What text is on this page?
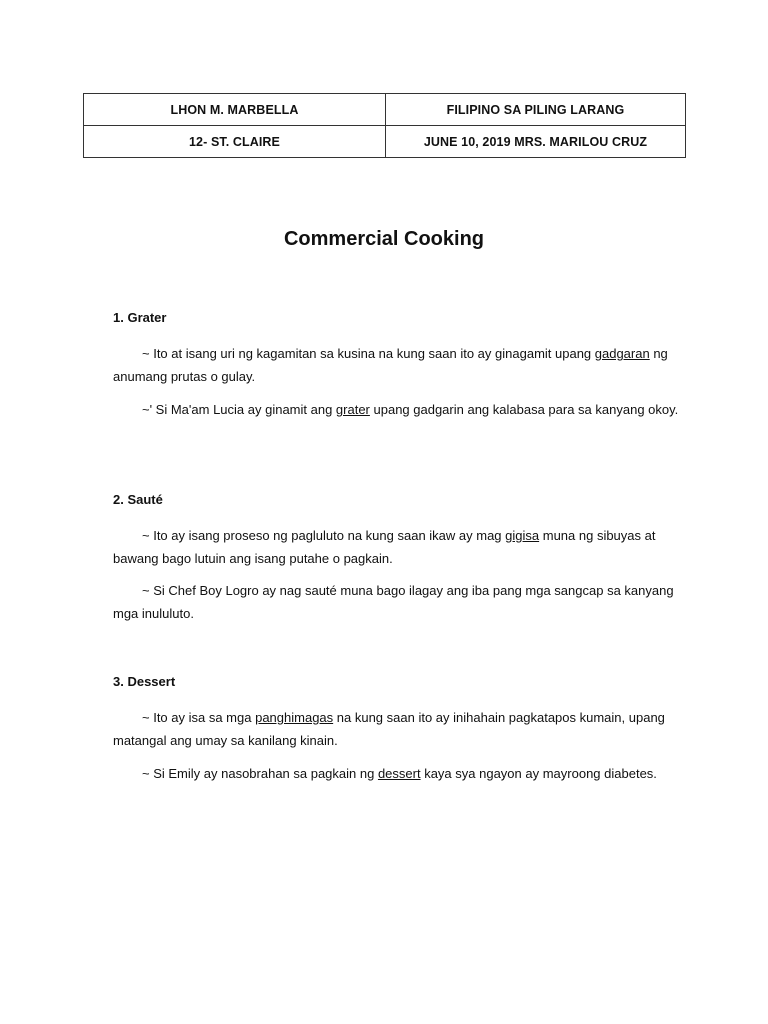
LHON M. MARBELLA	FILIPINO SA PILING LARANG
12- ST. CLAIRE	JUNE 10, 2019 MRS. MARILOU CRUZ
Commercial Cooking

1. Grater

~ Ito at isang uri ng kagamitan sa kusina na kung saan ito ay ginagamit upang gadgaran ng anumang prutas o gulay.

~' Si Ma'am Lucia ay ginamit ang grater upang gadgarin ang kalabasa para sa kanyang okoy.

2. Sauté

~ Ito ay isang proseso ng pagluluto na kung saan ikaw ay mag gigisa muna ng sibuyas at bawang bago lutuin ang isang putahe o pagkain.

~ Si Chef Boy Logro ay nag sauté muna bago ilagay ang iba pang mga sangcap sa kanyang mga inululuto.

3. Dessert

~ Ito ay isa sa mga panghimagas na kung saan ito ay inihahain pagkatapos kumain, upang matangal ang umay sa kanilang kinain.

~ Si Emily ay nasobrahan sa pagkain ng dessert kaya sya ngayon ay mayroong diabetes.
